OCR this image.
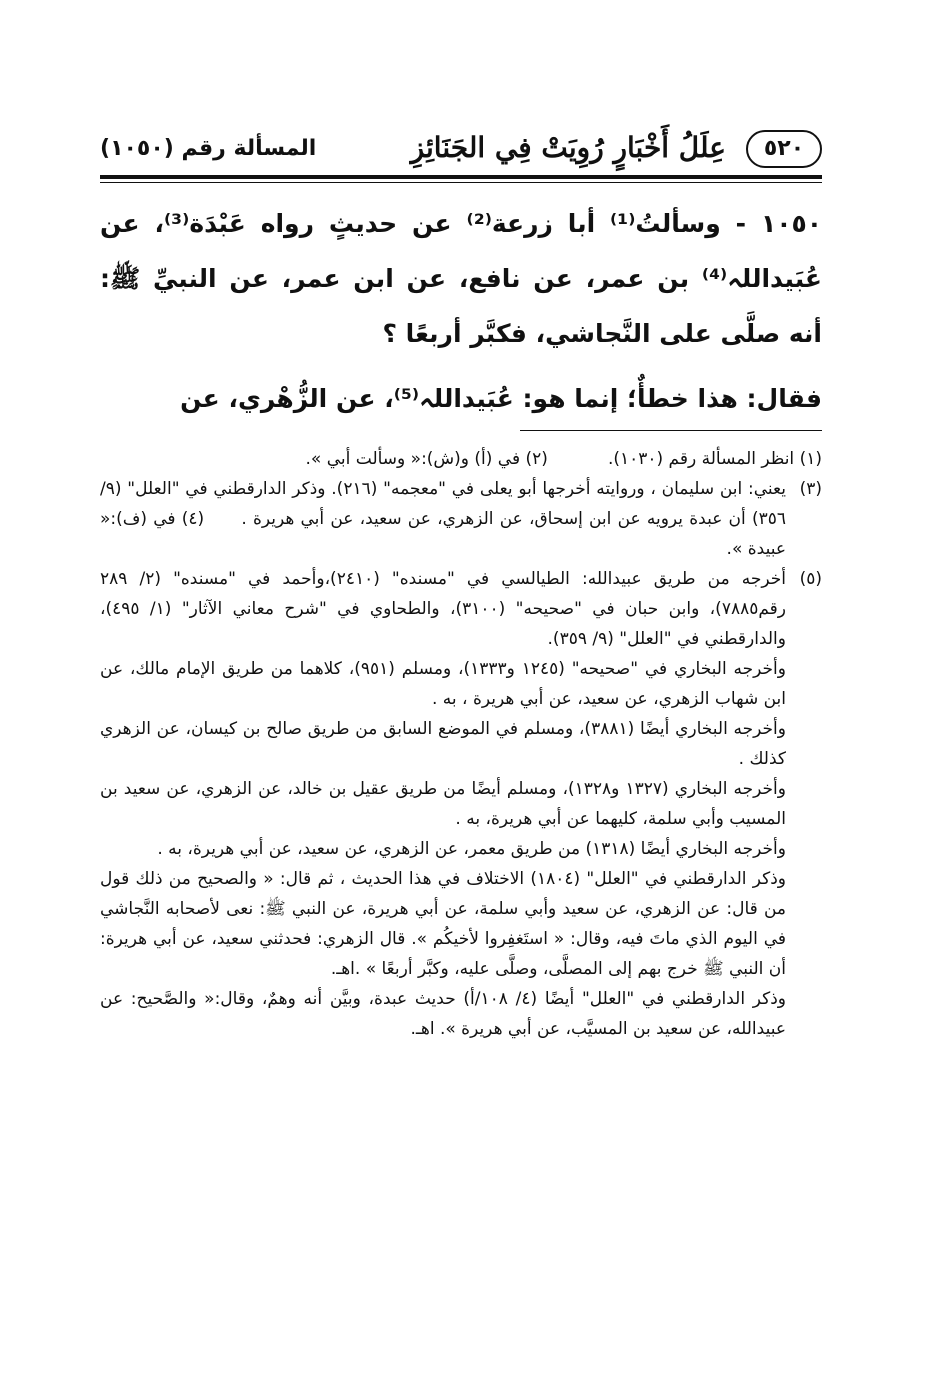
٥٢٠
عِلَلُ أَخْبَارٍ رُوِيَتْ فِي الجَنَائِزِ
المسألة رقم (١٠٥٠)

١٠٥٠ - وسألتُ⁽¹⁾ أبا زرعة⁽²⁾ عن حديثٍ رواه عَبْدَة⁽³⁾، عن عُبَيداللہ⁽⁴⁾ بن عمر، عن نافع، عن ابن عمر، عن النبيِّ ﷺ: أنه صلَّى على النَّجاشي، فكبَّر أربعًا ؟

فقال: هذا خطأٌ؛ إنما هو: عُبَيداللہ⁽⁵⁾، عن الزُّهْري، عن

(١) انظر المسألة رقم (١٠٣٠).
(٢) في (أ) و(ش):« وسألت أبي ».
(٣)
يعني: ابن سليمان ، وروايته أخرجها أبو يعلى في "معجمه" (٢١٦). وذكر الدارقطني في "العلل" (٩/ ٣٥٦) أن عبدة يرويه عن ابن إسحاق، عن الزهري، عن سعيد، عن أبي هريرة .      (٤) في (ف):« عبيدة ».
(٥)
أخرجه من طريق عبيدالله: الطيالسي في "مسنده" (٢٤١٠)،وأحمد في "مسنده" (٢/ ٢٨٩ رقم٧٨٨٥)، وابن حبان في "صحيحه" (٣١٠٠)، والطحاوي في "شرح معاني الآثار" (١/ ٤٩٥)، والدارقطني في "العلل" (٩/ ٣٥٩).
وأخرجه البخاري في "صحيحه" (١٢٤٥ و١٣٣٣)، ومسلم (٩٥١)، كلاهما من طريق الإمام مالك، عن ابن شهاب الزهري، عن سعيد، عن أبي هريرة ، به .
وأخرجه البخاري أيضًا (٣٨٨١)، ومسلم في الموضع السابق من طريق صالح بن كيسان، عن الزهري كذلك .
وأخرجه البخاري (١٣٢٧ و١٣٢٨)، ومسلم أيضًا من طريق عقيل بن خالد، عن الزهري، عن سعيد بن المسيب وأبي سلمة، كليهما عن أبي هريرة، به .
وأخرجه البخاري أيضًا (١٣١٨) من طريق معمر، عن الزهري، عن سعيد، عن أبي هريرة، به .
وذكر الدارقطني في "العلل" (١٨٠٤) الاختلاف في هذا الحديث ، ثم قال: « والصحيح من ذلك قول من قال: عن الزهري، عن سعيد وأبي سلمة، عن أبي هريرة، عن النبي ﷺ: نعى لأصحابه النَّجاشي في اليوم الذي ماتَ فيه، وقال: « استَغفِروا لأخيكُم ». قال الزهري: فحدثني سعيد، عن أبي هريرة: أن النبي ﷺ خرج بهم إلى المصلَّى، وصلَّى عليه، وكبَّر أربعًا » .اهـ.
وذكر الدارقطني في "العلل" أيضًا (٤/ ١٠٨/أ) حديث عبدة، وبيَّن أنه وهمٌ، وقال:« والصَّحيح: عن عبيدالله، عن سعيد بن المسيَّب، عن أبي هريرة ». اهـ.
